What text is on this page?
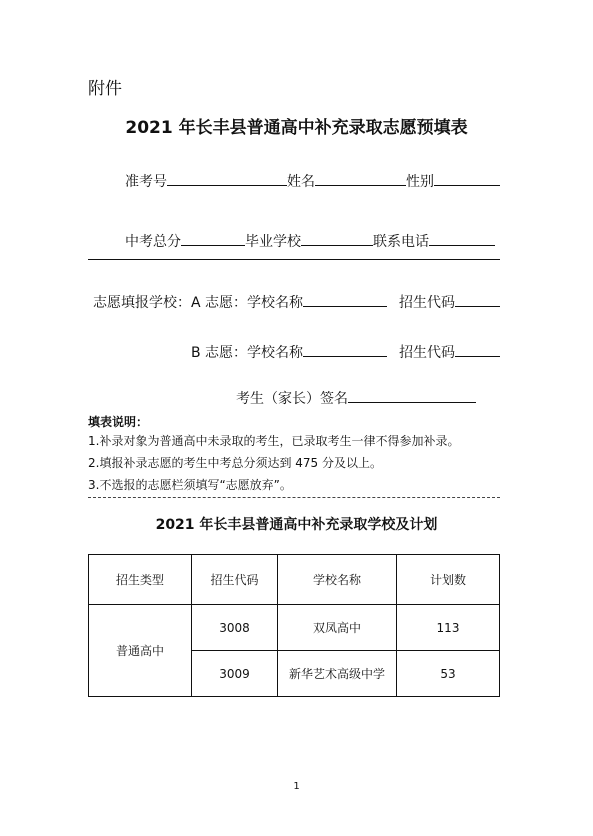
附件
2021 年长丰县普通高中补充录取志愿预填表
准考号	姓名	性别
中考总分	毕业学校	联系电话
志愿填报学校：A 志愿：学校名称	招生代码
B 志愿：学校名称	招生代码
考生（家长）签名
填表说明：
1.补录对象为普通高中未录取的考生，已录取考生一律不得参加补录。
2.填报补录志愿的考生中考总分须达到 475 分及以上。
3.不选报的志愿栏须填写“志愿放弃”。
2021 年长丰县普通高中补充录取学校及计划
招生类型	招生代码	学校名称	计划数
普通高中	3008	双凤高中	113
	3009	新华艺术高级中学	53
1
